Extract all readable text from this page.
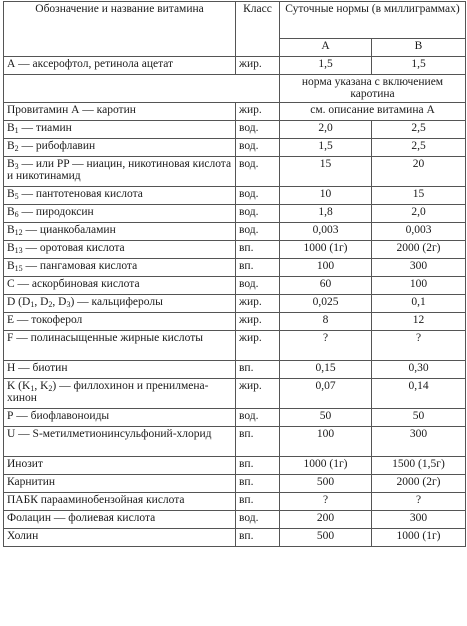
Обозначение и название витамина	Класс	Суточные нормы (в миллиграммах)	
		А	В
А — аксерофтол, ретинола ацетат	жир.	1,5	1,5
		норма указана с включением каротина	
Провитамин А — каротин	жир.	см. описание витамина А	
$B_1$ — тиамин	вод.	2,0	2,5
$B_2$ — рибофлавин	вод.	1,5	2,5
$B_3$ — или PP — ниацин, никотиновая кислота и никотинамид	вод.	15	20
$B_5$ — пантотеновая кислота	вод.	10	15
$B_6$ — пиродоксин	вод.	1,8	2,0
$B_{12}$ — цианкобаламин	вод.	0,003	0,003
$B_{13}$ — оротовая кислота	вп.	1000 (1г)	2000 (2г)
$B_{15}$ — пангамовая кислота	вп.	100	300
С — аскорбиновая кислота	вод.	60	100
D ($D_1$, $D_2$, $D_3$) — кальциферолы	жир.	0,025	0,1
Е — токоферол	жир.	8	12
F — полинасыщенные жирные кислоты	жир.	?	?
Н — биотин	вп.	0,15	0,30
K ($K_1$, $K_2$) — филлохинон и пренилмена-хинон	жир.	0,07	0,14
Р — биофлавоноиды	вод.	50	50
U — S-метилметионинсульфоний-хлорид	вп.	100	300
Инозит	вп.	1000 (1г)	1500 (1,5г)
Карнитин	вп.	500	2000 (2г)
ПАБК парааминобензойная кислота	вп.	?	?
Фолацин — фолиевая кислота	вод.	200	300
Холин	вп.	500	1000 (1г)
